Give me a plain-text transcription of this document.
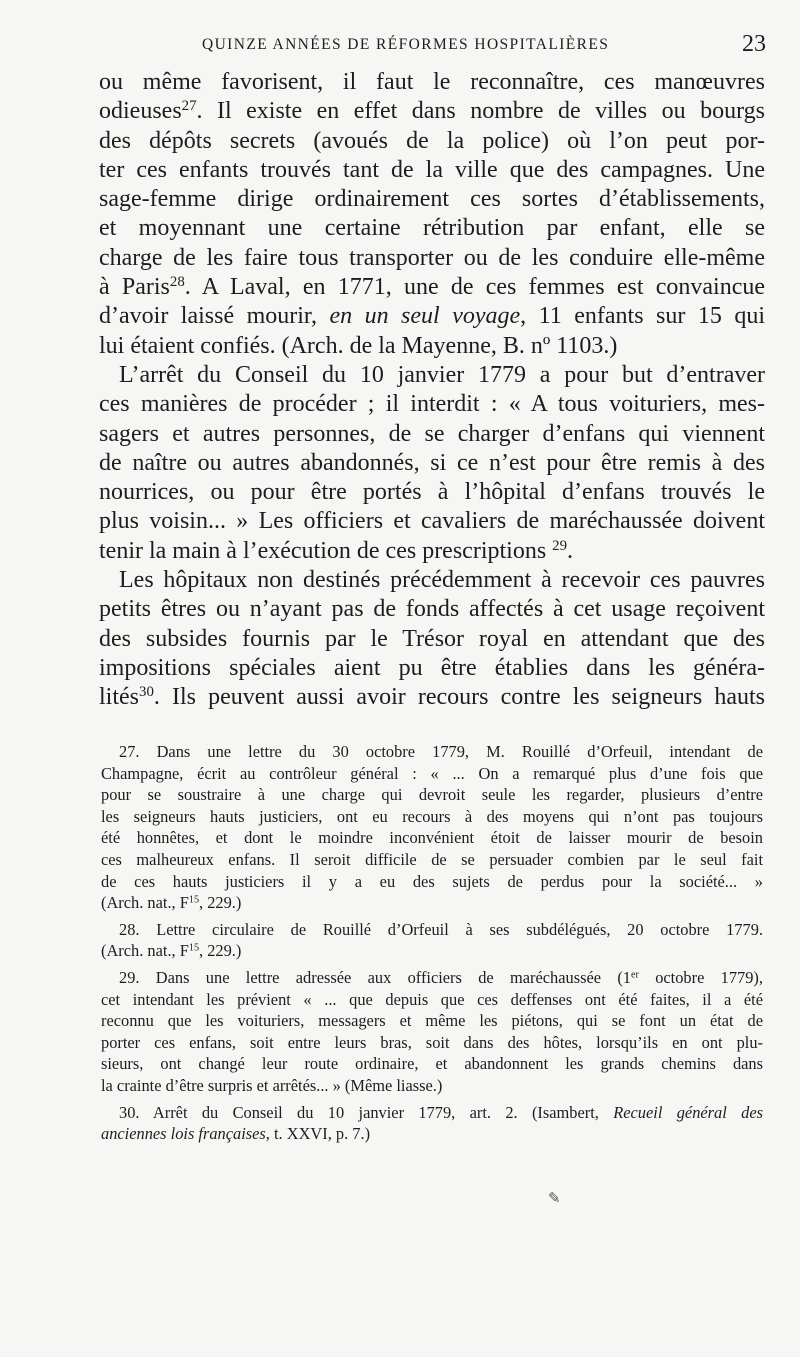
QUINZE ANNÉES DE RÉFORMES HOSPITALIÈRES	23
ou même favorisent, il faut le reconnaître, ces manœuvres
odieuses$^{27}$. Il existe en effet dans nombre de villes ou bourgs
des dépôts secrets (avoués de la police) où l’on peut por-
ter ces enfants trouvés tant de la ville que des campagnes. Une
sage-femme dirige ordinairement ces sortes d’établissements,
et moyennant une certaine rétribution par enfant, elle se
charge de les faire tous transporter ou de les conduire elle-même
à Paris$^{28}$. A Laval, en 1771, une de ces femmes est convaincue
d’avoir laissé mourir, en un seul voyage, 11 enfants sur 15 qui
lui étaient confiés. (Arch. de la Mayenne, B. nº 1103.)
L’arrêt du Conseil du 10 janvier 1779 a pour but d’entraver
ces manières de procéder ; il interdit : « A tous voituriers, mes-
sagers et autres personnes, de se charger d’enfans qui viennent
de naître ou autres abandonnés, si ce n’est pour être remis à des
nourrices, ou pour être portés à l’hôpital d’enfans trouvés le
plus voisin... » Les officiers et cavaliers de maréchaussée doivent
tenir la main à l’exécution de ces prescriptions $^{29}$.
Les hôpitaux non destinés précédemment à recevoir ces pauvres
petits êtres ou n’ayant pas de fonds affectés à cet usage reçoivent
des subsides fournis par le Trésor royal en attendant que des
impositions spéciales aient pu être établies dans les généra-
lités$^{30}$. Ils peuvent aussi avoir recours contre les seigneurs hauts
27. Dans une lettre du 30 octobre 1779, M. Rouillé d’Orfeuil, intendant de
Champagne, écrit au contrôleur général : « ... On a remarqué plus d’une fois que
pour se soustraire à une charge qui devroit seule les regarder, plusieurs d’entre
les seigneurs hauts justiciers, ont eu recours à des moyens qui n’ont pas toujours
été honnêtes, et dont le moindre inconvénient étoit de laisser mourir de besoin
ces malheureux enfans. Il seroit difficile de se persuader combien par le seul fait
de ces hauts justiciers il y a eu des sujets de perdus pour la société... »
(Arch. nat., $F^{15}$, 229.)
28. Lettre circulaire de Rouillé d’Orfeuil à ses subdélégués, 20 octobre 1779.
(Arch. nat., $F^{15}$, 229.)
29. Dans une lettre adressée aux officiers de maréchaussée (1er octobre 1779),
cet intendant les prévient « ... que depuis que ces deffenses ont été faites, il a été
reconnu que les voituriers, messagers et même les piétons, qui se font un état de
porter ces enfans, soit entre leurs bras, soit dans des hôtes, lorsqu’ils en ont plu-
sieurs, ont changé leur route ordinaire, et abandonnent les grands chemins dans
la crainte d’être surpris et arrêtés... » (Même liasse.)
30. Arrêt du Conseil du 10 janvier 1779, art. 2. (Isambert, Recueil général des
anciennes lois françaises, t. XXVI, p. 7.)
✎
